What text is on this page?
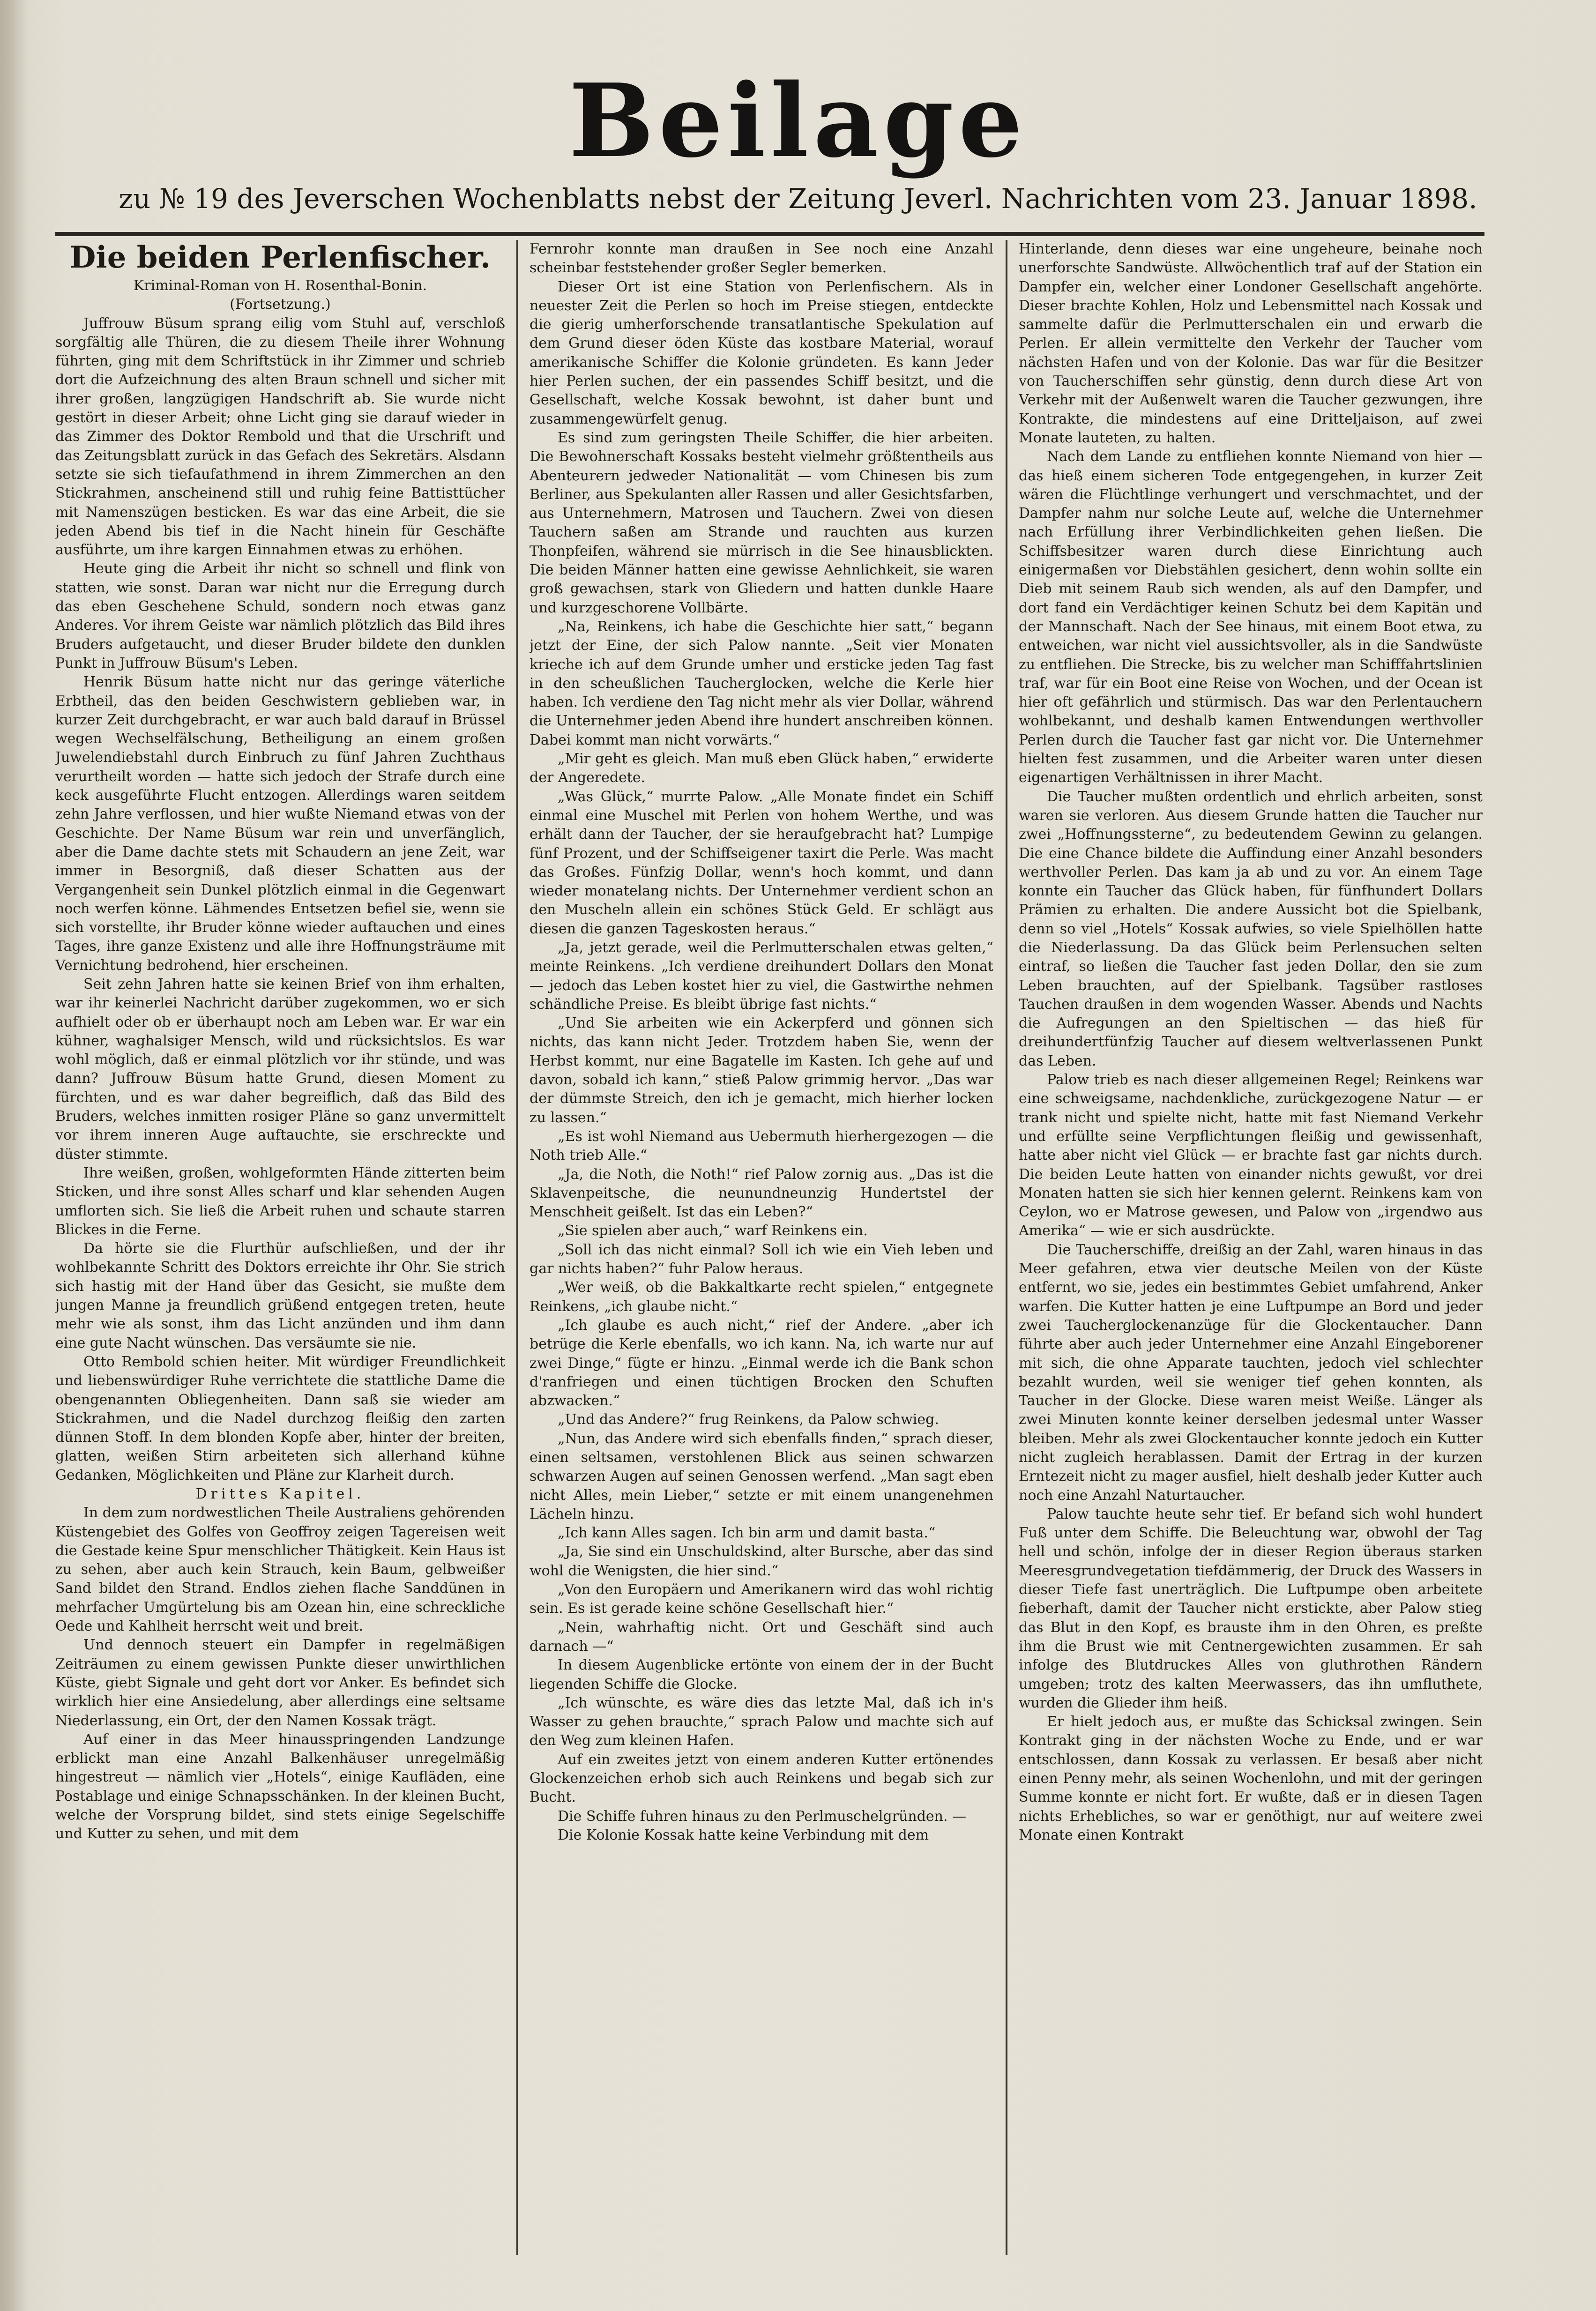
Beilage
zu № 19 des Jeverschen Wochenblatts nebst der Zeitung Jeverl. Nachrichten vom 23. Januar 1898.

Die beiden Perlenfischer.

Kriminal-Roman von H. Rosenthal-Bonin.

(Fortsetzung.)

Juffrouw Büsum sprang eilig vom Stuhl auf, verschloß sorgfältig alle Thüren, die zu diesem Theile ihrer Wohnung führten, ging mit dem Schriftstück in ihr Zimmer und schrieb dort die Aufzeichnung des alten Braun schnell und sicher mit ihrer großen, langzügigen Handschrift ab. Sie wurde nicht gestört in dieser Arbeit; ohne Licht ging sie darauf wieder in das Zimmer des Doktor Rembold und that die Urschrift und das Zeitungsblatt zurück in das Gefach des Sekretärs. Alsdann setzte sie sich tiefaufathmend in ihrem Zimmerchen an den Stickrahmen, anscheinend still und ruhig feine Battisttücher mit Namenszügen besticken. Es war das eine Arbeit, die sie jeden Abend bis tief in die Nacht hinein für Geschäfte ausführte, um ihre kargen Einnahmen etwas zu erhöhen.

Heute ging die Arbeit ihr nicht so schnell und flink von statten, wie sonst. Daran war nicht nur die Erregung durch das eben Geschehene Schuld, sondern noch etwas ganz Anderes. Vor ihrem Geiste war nämlich plötzlich das Bild ihres Bruders aufgetaucht, und dieser Bruder bildete den dunklen Punkt in Juffrouw Büsum's Leben.

Henrik Büsum hatte nicht nur das geringe väterliche Erbtheil, das den beiden Geschwistern geblieben war, in kurzer Zeit durchgebracht, er war auch bald darauf in Brüssel wegen Wechselfälschung, Betheiligung an einem großen Juwelendiebstahl durch Einbruch zu fünf Jahren Zuchthaus verurtheilt worden — hatte sich jedoch der Strafe durch eine keck ausgeführte Flucht entzogen. Allerdings waren seitdem zehn Jahre verflossen, und hier wußte Niemand etwas von der Geschichte. Der Name Büsum war rein und unverfänglich, aber die Dame dachte stets mit Schaudern an jene Zeit, war immer in Besorgniß, daß dieser Schatten aus der Vergangenheit sein Dunkel plötzlich einmal in die Gegenwart noch werfen könne. Lähmendes Entsetzen befiel sie, wenn sie sich vorstellte, ihr Bruder könne wieder auftauchen und eines Tages, ihre ganze Existenz und alle ihre Hoffnungsträume mit Vernichtung bedrohend, hier erscheinen.

Seit zehn Jahren hatte sie keinen Brief von ihm erhalten, war ihr keinerlei Nachricht darüber zugekommen, wo er sich aufhielt oder ob er überhaupt noch am Leben war. Er war ein kühner, waghalsiger Mensch, wild und rücksichtslos. Es war wohl möglich, daß er einmal plötzlich vor ihr stünde, und was dann? Juffrouw Büsum hatte Grund, diesen Moment zu fürchten, und es war daher begreiflich, daß das Bild des Bruders, welches inmitten rosiger Pläne so ganz unvermittelt vor ihrem inneren Auge auftauchte, sie erschreckte und düster stimmte.

Ihre weißen, großen, wohlgeformten Hände zitterten beim Sticken, und ihre sonst Alles scharf und klar sehenden Augen umflorten sich. Sie ließ die Arbeit ruhen und schaute starren Blickes in die Ferne.

Da hörte sie die Flurthür aufschließen, und der ihr wohlbekannte Schritt des Doktors erreichte ihr Ohr. Sie strich sich hastig mit der Hand über das Gesicht, sie mußte dem jungen Manne ja freundlich grüßend entgegen treten, heute mehr wie als sonst, ihm das Licht anzünden und ihm dann eine gute Nacht wünschen. Das versäumte sie nie.

Otto Rembold schien heiter. Mit würdiger Freundlichkeit und liebenswürdiger Ruhe verrichtete die stattliche Dame die obengenannten Obliegenheiten. Dann saß sie wieder am Stickrahmen, und die Nadel durchzog fleißig den zarten dünnen Stoff. In dem blonden Kopfe aber, hinter der breiten, glatten, weißen Stirn arbeiteten sich allerhand kühne Gedanken, Möglichkeiten und Pläne zur Klarheit durch.

Drittes Kapitel.

In dem zum nordwestlichen Theile Australiens gehörenden Küstengebiet des Golfes von Geoffroy zeigen Tagereisen weit die Gestade keine Spur menschlicher Thätigkeit. Kein Haus ist zu sehen, aber auch kein Strauch, kein Baum, gelbweißer Sand bildet den Strand. Endlos ziehen flache Sanddünen in mehrfacher Umgürtelung bis am Ozean hin, eine schreckliche Oede und Kahlheit herrscht weit und breit.

Und dennoch steuert ein Dampfer in regelmäßigen Zeiträumen zu einem gewissen Punkte dieser unwirthlichen Küste, giebt Signale und geht dort vor Anker. Es befindet sich wirklich hier eine Ansiedelung, aber allerdings eine seltsame Niederlassung, ein Ort, der den Namen Kossak trägt.

Auf einer in das Meer hinausspringenden Landzunge erblickt man eine Anzahl Balkenhäuser unregelmäßig hingestreut — nämlich vier „Hotels“, einige Kaufläden, eine Postablage und einige Schnapsschänken. In der kleinen Bucht, welche der Vorsprung bildet, sind stets einige Segelschiffe und Kutter zu sehen, und mit dem

Fernrohr konnte man draußen in See noch eine Anzahl scheinbar feststehender großer Segler bemerken.

Dieser Ort ist eine Station von Perlenfischern. Als in neuester Zeit die Perlen so hoch im Preise stiegen, entdeckte die gierig umherforschende transatlantische Spekulation auf dem Grund dieser öden Küste das kostbare Material, worauf amerikanische Schiffer die Kolonie gründeten. Es kann Jeder hier Perlen suchen, der ein passendes Schiff besitzt, und die Gesellschaft, welche Kossak bewohnt, ist daher bunt und zusammengewürfelt genug.

Es sind zum geringsten Theile Schiffer, die hier arbeiten. Die Bewohnerschaft Kossaks besteht vielmehr größtentheils aus Abenteurern jedweder Nationalität — vom Chinesen bis zum Berliner, aus Spekulanten aller Rassen und aller Gesichtsfarben, aus Unternehmern, Matrosen und Tauchern. Zwei von diesen Tauchern saßen am Strande und rauchten aus kurzen Thonpfeifen, während sie mürrisch in die See hinausblickten. Die beiden Männer hatten eine gewisse Aehnlichkeit, sie waren groß gewachsen, stark von Gliedern und hatten dunkle Haare und kurzgeschorene Vollbärte.

„Na, Reinkens, ich habe die Geschichte hier satt,“ begann jetzt der Eine, der sich Palow nannte. „Seit vier Monaten krieche ich auf dem Grunde umher und ersticke jeden Tag fast in den scheußlichen Taucherglocken, welche die Kerle hier haben. Ich verdiene den Tag nicht mehr als vier Dollar, während die Unternehmer jeden Abend ihre hundert anschreiben können. Dabei kommt man nicht vorwärts.“

„Mir geht es gleich. Man muß eben Glück haben,“ erwiderte der Angeredete.

„Was Glück,“ murrte Palow. „Alle Monate findet ein Schiff einmal eine Muschel mit Perlen von hohem Werthe, und was erhält dann der Taucher, der sie heraufgebracht hat? Lumpige fünf Prozent, und der Schiffseigener taxirt die Perle. Was macht das Großes. Fünfzig Dollar, wenn's hoch kommt, und dann wieder monatelang nichts. Der Unternehmer verdient schon an den Muscheln allein ein schönes Stück Geld. Er schlägt aus diesen die ganzen Tageskosten heraus.“

„Ja, jetzt gerade, weil die Perlmutterschalen etwas gelten,“ meinte Reinkens. „Ich verdiene dreihundert Dollars den Monat — jedoch das Leben kostet hier zu viel, die Gastwirthe nehmen schändliche Preise. Es bleibt übrige fast nichts.“

„Und Sie arbeiten wie ein Ackerpferd und gönnen sich nichts, das kann nicht Jeder. Trotzdem haben Sie, wenn der Herbst kommt, nur eine Bagatelle im Kasten. Ich gehe auf und davon, sobald ich kann,“ stieß Palow grimmig hervor. „Das war der dümmste Streich, den ich je gemacht, mich hierher locken zu lassen.“

„Es ist wohl Niemand aus Uebermuth hierhergezogen — die Noth trieb Alle.“

„Ja, die Noth, die Noth!“ rief Palow zornig aus. „Das ist die Sklavenpeitsche, die neunundneunzig Hundertstel der Menschheit geißelt. Ist das ein Leben?“

„Sie spielen aber auch,“ warf Reinkens ein.

„Soll ich das nicht einmal? Soll ich wie ein Vieh leben und gar nichts haben?“ fuhr Palow heraus.

„Wer weiß, ob die Bakkaltkarte recht spielen,“ entgegnete Reinkens, „ich glaube nicht.“

„Ich glaube es auch nicht,“ rief der Andere. „aber ich betrüge die Kerle ebenfalls, wo ich kann. Na, ich warte nur auf zwei Dinge,“ fügte er hinzu. „Einmal werde ich die Bank schon d'ranfriegen und einen tüchtigen Brocken den Schuften abzwacken.“

„Und das Andere?“ frug Reinkens, da Palow schwieg.

„Nun, das Andere wird sich ebenfalls finden,“ sprach dieser, einen seltsamen, verstohlenen Blick aus seinen schwarzen schwarzen Augen auf seinen Genossen werfend. „Man sagt eben nicht Alles, mein Lieber,“ setzte er mit einem unangenehmen Lächeln hinzu.

„Ich kann Alles sagen. Ich bin arm und damit basta.“

„Ja, Sie sind ein Unschuldskind, alter Bursche, aber das sind wohl die Wenigsten, die hier sind.“

„Von den Europäern und Amerikanern wird das wohl richtig sein. Es ist gerade keine schöne Gesellschaft hier.“

„Nein, wahrhaftig nicht. Ort und Geschäft sind auch darnach —“

In diesem Augenblicke ertönte von einem der in der Bucht liegenden Schiffe die Glocke.

„Ich wünschte, es wäre dies das letzte Mal, daß ich in's Wasser zu gehen brauchte,“ sprach Palow und machte sich auf den Weg zum kleinen Hafen.

Auf ein zweites jetzt von einem anderen Kutter ertönendes Glockenzeichen erhob sich auch Reinkens und begab sich zur Bucht.

Die Schiffe fuhren hinaus zu den Perlmuschelgründen. —

Die Kolonie Kossak hatte keine Verbindung mit dem

Hinterlande, denn dieses war eine ungeheure, beinahe noch unerforschte Sandwüste. Allwöchentlich traf auf der Station ein Dampfer ein, welcher einer Londoner Gesellschaft angehörte. Dieser brachte Kohlen, Holz und Lebensmittel nach Kossak und sammelte dafür die Perlmutterschalen ein und erwarb die Perlen. Er allein vermittelte den Verkehr der Taucher vom nächsten Hafen und von der Kolonie. Das war für die Besitzer von Taucherschiffen sehr günstig, denn durch diese Art von Verkehr mit der Außenwelt waren die Taucher gezwungen, ihre Kontrakte, die mindestens auf eine Dritteljaison, auf zwei Monate lauteten, zu halten.

Nach dem Lande zu entfliehen konnte Niemand von hier — das hieß einem sicheren Tode entgegengehen, in kurzer Zeit wären die Flüchtlinge verhungert und verschmachtet, und der Dampfer nahm nur solche Leute auf, welche die Unternehmer nach Erfüllung ihrer Verbindlichkeiten gehen ließen. Die Schiffsbesitzer waren durch diese Einrichtung auch einigermaßen vor Diebstählen gesichert, denn wohin sollte ein Dieb mit seinem Raub sich wenden, als auf den Dampfer, und dort fand ein Verdächtiger keinen Schutz bei dem Kapitän und der Mannschaft. Nach der See hinaus, mit einem Boot etwa, zu entweichen, war nicht viel aussichtsvoller, als in die Sandwüste zu entfliehen. Die Strecke, bis zu welcher man Schifffahrtslinien traf, war für ein Boot eine Reise von Wochen, und der Ocean ist hier oft gefährlich und stürmisch. Das war den Perlentauchern wohlbekannt, und deshalb kamen Entwendungen werthvoller Perlen durch die Taucher fast gar nicht vor. Die Unternehmer hielten fest zusammen, und die Arbeiter waren unter diesen eigenartigen Verhältnissen in ihrer Macht.

Die Taucher mußten ordentlich und ehrlich arbeiten, sonst waren sie verloren. Aus diesem Grunde hatten die Taucher nur zwei „Hoffnungssterne“, zu bedeutendem Gewinn zu gelangen. Die eine Chance bildete die Auffindung einer Anzahl besonders werthvoller Perlen. Das kam ja ab und zu vor. An einem Tage konnte ein Taucher das Glück haben, für fünfhundert Dollars Prämien zu erhalten. Die andere Aussicht bot die Spielbank, denn so viel „Hotels“ Kossak aufwies, so viele Spielhöllen hatte die Niederlassung. Da das Glück beim Perlensuchen selten eintraf, so ließen die Taucher fast jeden Dollar, den sie zum Leben brauchten, auf der Spielbank. Tagsüber rastloses Tauchen draußen in dem wogenden Wasser. Abends und Nachts die Aufregungen an den Spieltischen — das hieß für dreihundertfünfzig Taucher auf diesem weltverlassenen Punkt das Leben.

Palow trieb es nach dieser allgemeinen Regel; Reinkens war eine schweigsame, nachdenkliche, zurückgezogene Natur — er trank nicht und spielte nicht, hatte mit fast Niemand Verkehr und erfüllte seine Verpflichtungen fleißig und gewissenhaft, hatte aber nicht viel Glück — er brachte fast gar nichts durch. Die beiden Leute hatten von einander nichts gewußt, vor drei Monaten hatten sie sich hier kennen gelernt. Reinkens kam von Ceylon, wo er Matrose gewesen, und Palow von „irgendwo aus Amerika“ — wie er sich ausdrückte.

Die Taucherschiffe, dreißig an der Zahl, waren hinaus in das Meer gefahren, etwa vier deutsche Meilen von der Küste entfernt, wo sie, jedes ein bestimmtes Gebiet umfahrend, Anker warfen. Die Kutter hatten je eine Luftpumpe an Bord und jeder zwei Taucherglockenanzüge für die Glockentaucher. Dann führte aber auch jeder Unternehmer eine Anzahl Eingeborener mit sich, die ohne Apparate tauchten, jedoch viel schlechter bezahlt wurden, weil sie weniger tief gehen konnten, als Taucher in der Glocke. Diese waren meist Weiße. Länger als zwei Minuten konnte keiner derselben jedesmal unter Wasser bleiben. Mehr als zwei Glockentaucher konnte jedoch ein Kutter nicht zugleich herablassen. Damit der Ertrag in der kurzen Erntezeit nicht zu mager ausfiel, hielt deshalb jeder Kutter auch noch eine Anzahl Naturtaucher.

Palow tauchte heute sehr tief. Er befand sich wohl hundert Fuß unter dem Schiffe. Die Beleuchtung war, obwohl der Tag hell und schön, infolge der in dieser Region überaus starken Meeresgrundvegetation tiefdämmerig, der Druck des Wassers in dieser Tiefe fast unerträglich. Die Luftpumpe oben arbeitete fieberhaft, damit der Taucher nicht erstickte, aber Palow stieg das Blut in den Kopf, es brauste ihm in den Ohren, es preßte ihm die Brust wie mit Centnergewichten zusammen. Er sah infolge des Blutdruckes Alles von gluthrothen Rändern umgeben; trotz des kalten Meerwassers, das ihn umfluthete, wurden die Glieder ihm heiß.

Er hielt jedoch aus, er mußte das Schicksal zwingen. Sein Kontrakt ging in der nächsten Woche zu Ende, und er war entschlossen, dann Kossak zu verlassen. Er besaß aber nicht einen Penny mehr, als seinen Wochenlohn, und mit der geringen Summe konnte er nicht fort. Er wußte, daß er in diesen Tagen nichts Erhebliches, so war er genöthigt, nur auf weitere zwei Monate einen Kontrakt
